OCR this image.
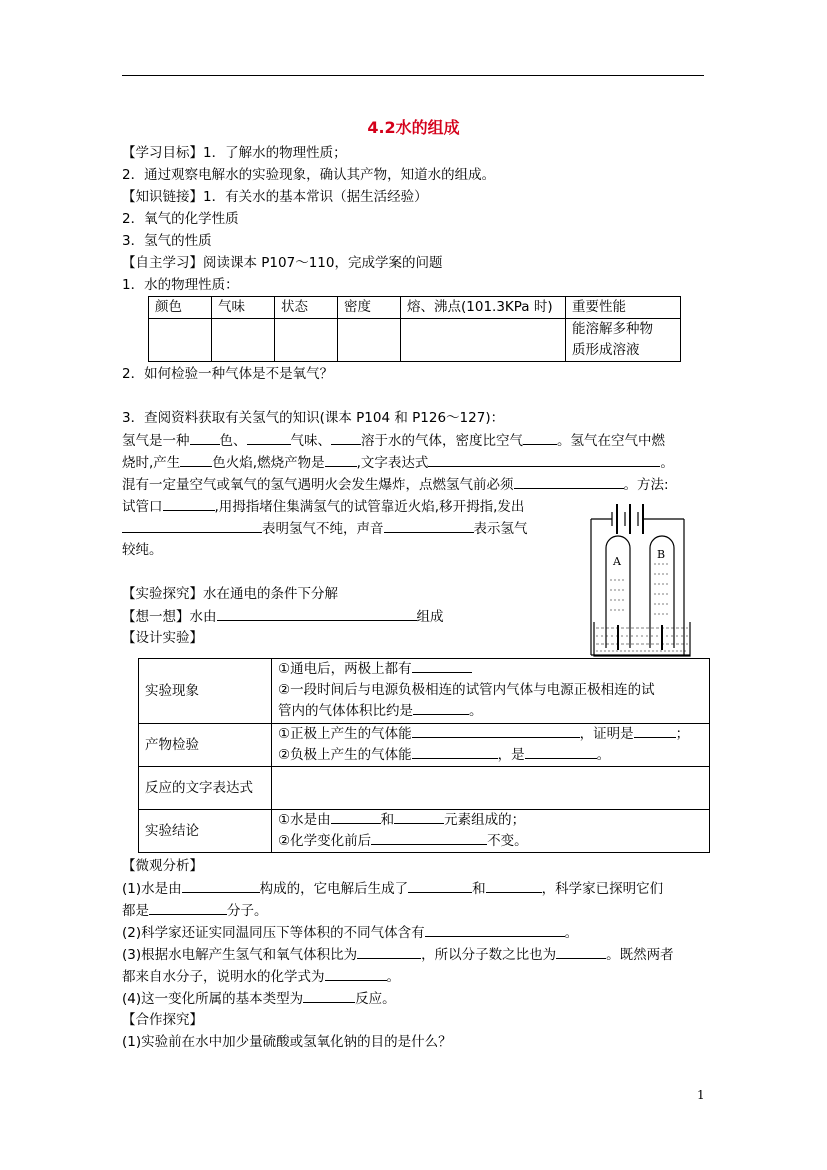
4.2水的组成
【学习目标】1．了解水的物理性质；
2．通过观察电解水的实验现象，确认其产物，知道水的组成。
【知识链接】1．有关水的基本常识（据生活经验）
2．氧气的化学性质
3．氢气的性质
【自主学习】阅读课本 P107～110，完成学案的问题
1．水的物理性质：
颜色	气味	状态	密度	熔、沸点(101.3KPa 时)	重要性能

					能溶解多种物
质形成溶液
2．如何检验一种气体是不是氧气？
3．查阅资料获取有关氢气的知识(课本 P104 和 P126～127)：
氢气是一种 色、	气味、 溶于水的气体，密度比空气	。氢气在空气中燃
烧时,产生 色火焰,燃烧产物是 ,文字表达式	。
混有一定量空气或氧气的氢气遇明火会发生爆炸，点燃氢气前必须	。方法:
试管口	,用拇指堵住集满氢气的试管靠近火焰,移开拇指,发出
表明氢气不纯，声音	表示氢气
较纯。
【实验探究】水在通电的条件下分解
【想一想】水由	组成
【设计实验】
A
B
实验现象	①通电后，两极上都有
②一段时间后与电源负极相连的试管内气体与电源正极相连的试
管内的气体体积比约是 。

产物检验	①正极上产生的气体能 ，证明是 ；
②负极上产生的气体能 ，是 。

反应的文字表达式	
实验结论	①水是由 和 元素组成的；
②化学变化前后 不变。
【微观分析】
(1)水是由	构成的，它电解后生成了	和	，科学家已探明它们
都是	分子。
(2)科学家还证实同温同压下等体积的不同气体含有	。
(3)根据水电解产生氢气和氧气体积比为	，所以分子数之比也为	。既然两者
都来自水分子，说明水的化学式为	。
(4)这一变化所属的基本类型为	反应。
【合作探究】
(1)实验前在水中加少量硫酸或氢氧化钠的目的是什么？
1
